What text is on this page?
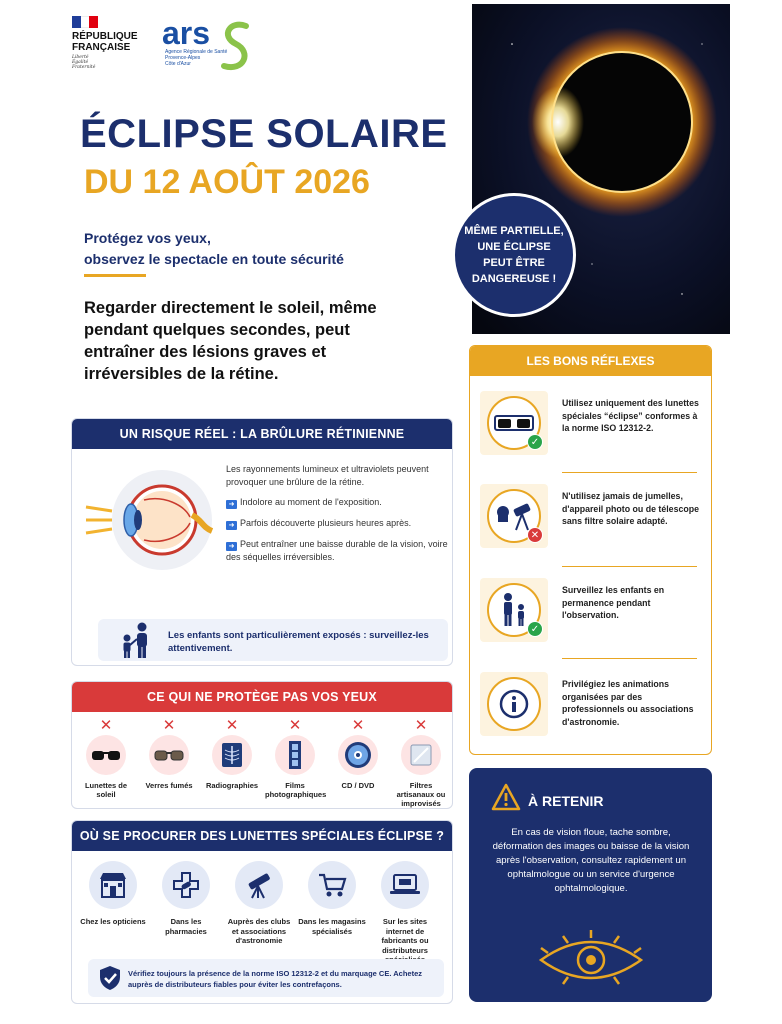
RÉPUBLIQUE FRANÇAISE
Liberté
Égalité
Fraternité
ars
Agence Régionale de Santé
Provence-Alpes
Côte d'Azur
ÉCLIPSE SOLAIRE
DU 12 AOÛT 2026
Protégez vos yeux,
observez le spectacle en toute sécurité
Regarder directement le soleil, même pendant quelques secondes, peut entraîner des lésions graves et irréversibles de la rétine.
MÊME PARTIELLE, UNE ÉCLIPSE PEUT ÊTRE DANGEREUSE !
UN RISQUE RÉEL : LA BRÛLURE RÉTINIENNE

Les rayonnements lumineux et ultraviolets peuvent provoquer une brûlure de la rétine.

➜ Indolore au moment de l'exposition.

➜ Parfois découverte plusieurs heures après.

➜ Peut entraîner une baisse durable de la vision, voire des séquelles irréversibles.

Les enfants sont particulièrement exposés : surveillez-les attentivement.
CE QUI NE PROTÈGE PAS VOS YEUX
✕
Lunettes de soleil
✕
Verres fumés
✕
Radiographies
✕
Films photographiques
✕
CD / DVD
✕
Filtres artisanaux ou improvisés
OÙ SE PROCURER DES LUNETTES SPÉCIALES ÉCLIPSE ?
Chez les opticiens	Dans les pharmacies
Auprès des clubs et associations d'astronomie
Dans les magasins spécialisés
Sur les sites internet de fabricants ou distributeurs
Vérifiez toujours la présence de la norme ISO 12312-2 et du marquage CE. Achetez auprès de distributeurs fiables pour éviter les contrefaçons.
LES BONS RÉFLEXES
✓
Utilisez uniquement des lunettes spéciales “éclipse” conformes à la norme ISO 12312-2.
✕
N'utilisez jamais de jumelles, d'appareil photo ou de télescope sans filtre solaire adapté.
✓
Surveillez les enfants en permanence pendant l'observation.
Privilégiez les animations organisées par des professionnels ou associations d'astronomie.
À RETENIR
En cas de vision floue, tache sombre, déformation des images ou baisse de la vision après l'observation, consultez rapidement un ophtalmologue ou un service d'urgence ophtalmologique.
